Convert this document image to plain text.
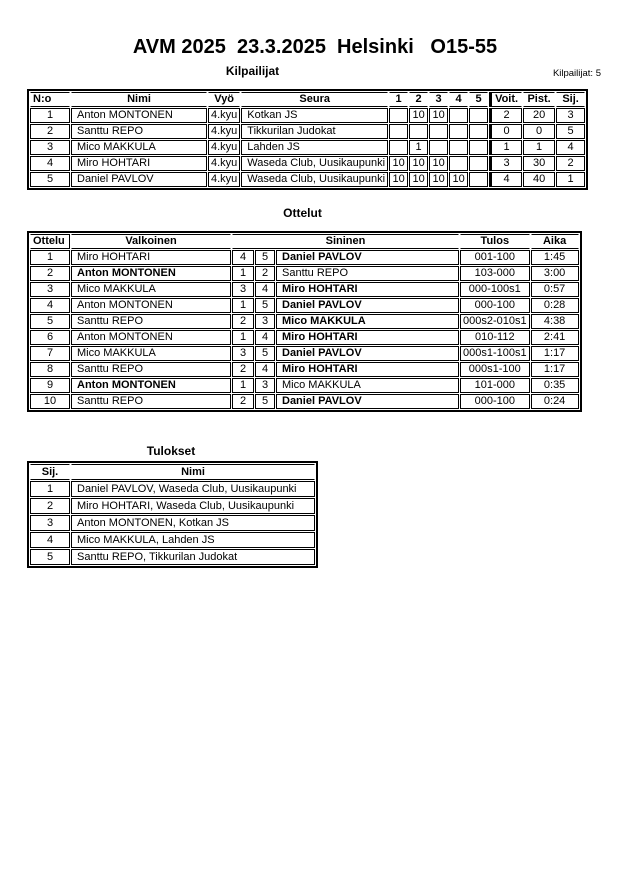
AVM 2025  23.3.2025  Helsinki   O15-55
Kilpailijat	Kilpailijat: 5
N:o	Nimi	Vyö	Seura	1	2	3	4	5	Voit.	Pist.	Sij.
1	Anton MONTONEN	4.kyu	Kotkan JS		10	10			2	20	3
2	Santtu REPO	4.kyu	Tikkurilan Judokat						0	0	5
3	Mico MAKKULA	4.kyu	Lahden JS		1				1	1	4
4	Miro HOHTARI	4.kyu	Waseda Club, Uusikaupunki	10	10	10			3	30	2
5	Daniel PAVLOV	4.kyu	Waseda Club, Uusikaupunki	10	10	10	10		4	40	1
Ottelut
Ottelu	Valkoinen	Sininen			Tulos	Aika
1	Miro HOHTARI	4	5	Daniel PAVLOV	001-100	1:45
2	Anton MONTONEN	1	2	Santtu REPO	103-000	3:00
3	Mico MAKKULA	3	4	Miro HOHTARI	000-100s1	0:57
4	Anton MONTONEN	1	5	Daniel PAVLOV	000-100	0:28
5	Santtu REPO	2	3	Mico MAKKULA	000s2-010s1	4:38
6	Anton MONTONEN	1	4	Miro HOHTARI	010-112	2:41
7	Mico MAKKULA	3	5	Daniel PAVLOV	000s1-100s1	1:17
8	Santtu REPO	2	4	Miro HOHTARI	000s1-100	1:17
9	Anton MONTONEN	1	3	Mico MAKKULA	101-000	0:35
10	Santtu REPO	2	5	Daniel PAVLOV	000-100	0:24
Tulokset
Sij.	Nimi
1	Daniel PAVLOV, Waseda Club, Uusikaupunki
2	Miro HOHTARI, Waseda Club, Uusikaupunki
3	Anton MONTONEN, Kotkan JS
4	Mico MAKKULA, Lahden JS
5	Santtu REPO, Tikkurilan Judokat
